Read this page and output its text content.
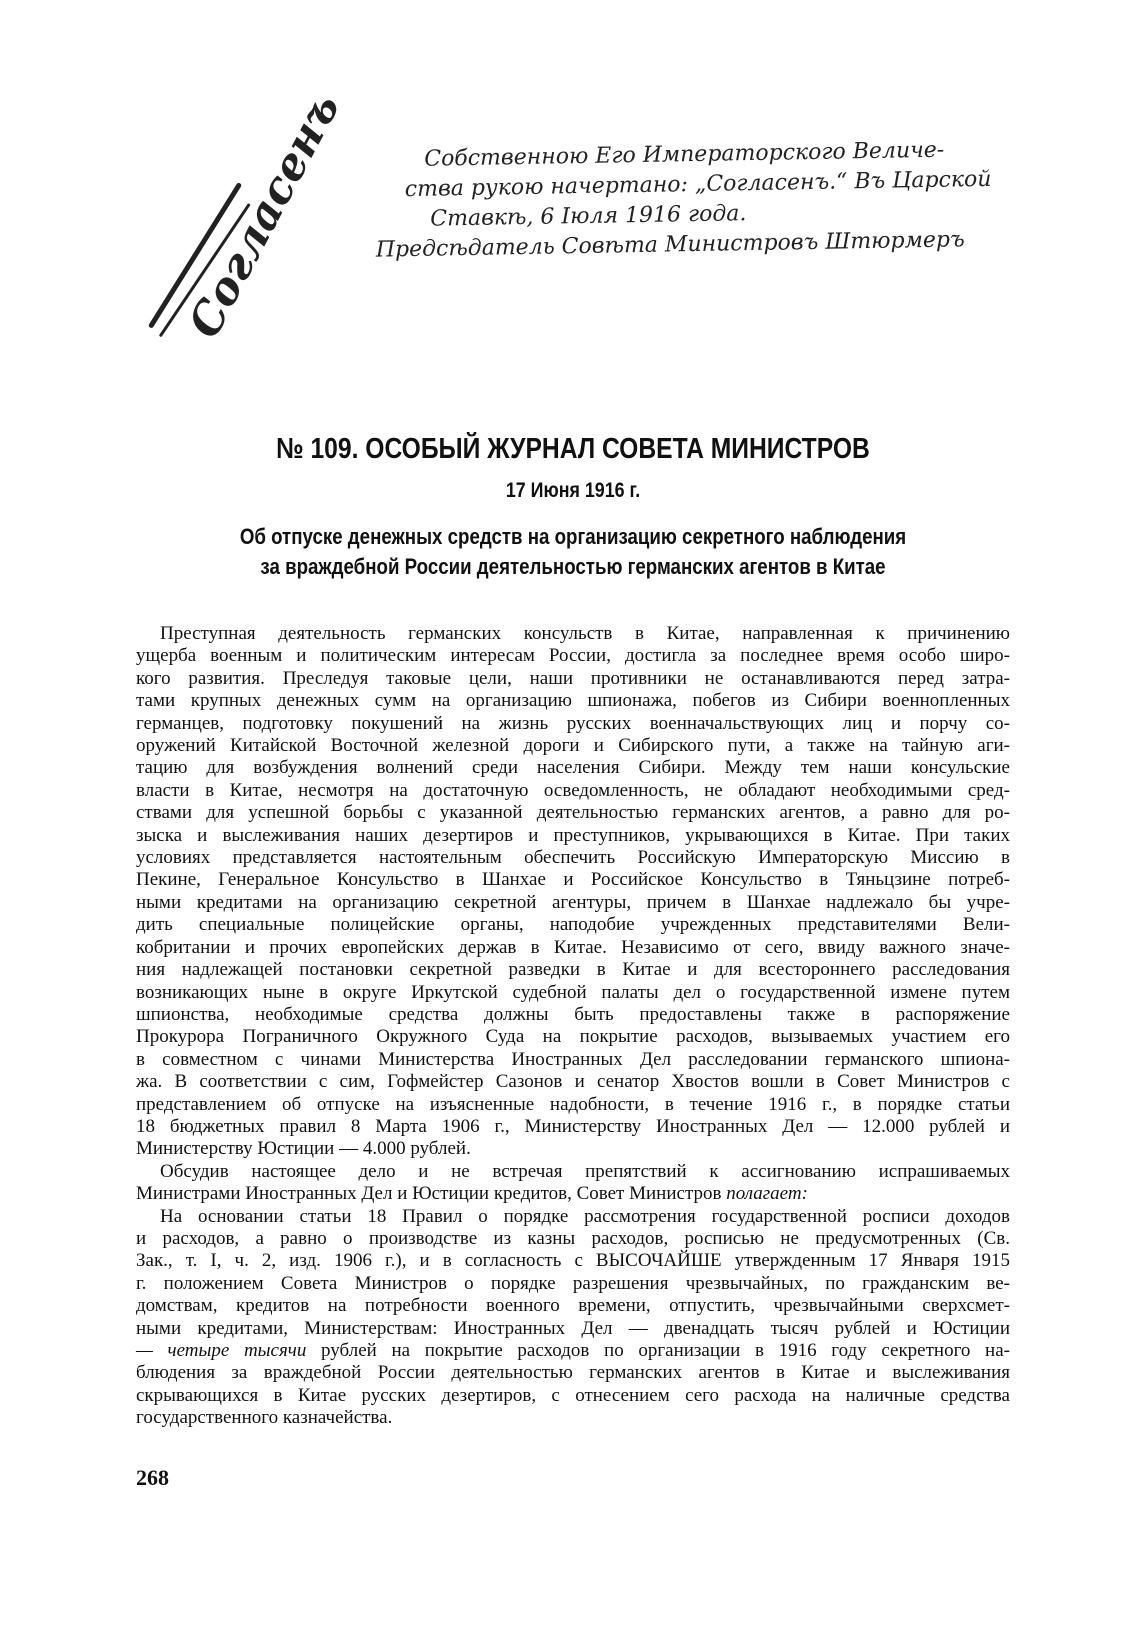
Согласенъ	Собственною Его Императорского Величе-
ства рукою начертано: „Согласенъ.“ Въ Царской
Ставкѣ, 6 Іюля 1916 года.
Предсѣдатель Совѣта Министровъ Штюрмеръ
№ 109. ОСОБЫЙ ЖУРНАЛ СОВЕТА МИНИСТРОВ
17 Июня 1916 г.
Об отпуске денежных средств на организацию секретного наблюдения
за враждебной России деятельностью германских агентов в Китае
Преступная деятельность германских консульств в Китае, направленная к причинению
ущерба военным и политическим интересам России, достигла за последнее время особо широ-
кого развития. Преследуя таковые цели, наши противники не останавливаются перед затра-
тами крупных денежных сумм на организацию шпионажа, побегов из Сибири военнопленных
германцев, подготовку покушений на жизнь русских военначальствующих лиц и порчу со-
оружений Китайской Восточной железной дороги и Сибирского пути, а также на тайную аги-
тацию для возбуждения волнений среди населения Сибири. Между тем наши консульские
власти в Китае, несмотря на достаточную осведомленность, не обладают необходимыми сред-
ствами для успешной борьбы с указанной деятельностью германских агентов, а равно для ро-
зыска и выслеживания наших дезертиров и преступников, укрывающихся в Китае. При таких
условиях представляется настоятельным обеспечить Российскую Императорскую Миссию в
Пекине, Генеральное Консульство в Шанхае и Российское Консульство в Тяньцзине потреб-
ными кредитами на организацию секретной агентуры, причем в Шанхае надлежало бы учре-
дить специальные полицейские органы, наподобие учрежденных представителями Вели-
кобритании и прочих европейских держав в Китае. Независимо от сего, ввиду важного значе-
ния надлежащей постановки секретной разведки в Китае и для всестороннего расследования
возникающих ныне в округе Иркутской судебной палаты дел о государственной измене путем
шпионства, необходимые средства должны быть предоставлены также в распоряжение
Прокурора Пограничного Окружного Суда на покрытие расходов, вызываемых участием его
в совместном с чинами Министерства Иностранных Дел расследовании германского шпиона-
жа. В соответствии с сим, Гофмейстер Сазонов и сенатор Хвостов вошли в Совет Министров с
представлением об отпуске на изъясненные надобности, в течение 1916 г., в порядке статьи
18 бюджетных правил 8 Марта 1906 г., Министерству Иностранных Дел — 12.000 рублей и
Министерству Юстиции — 4.000 рублей.
Обсудив настоящее дело и не встречая препятствий к ассигнованию испрашиваемых
Министрами Иностранных Дел и Юстиции кредитов, Совет Министров полагает:
На основании статьи 18 Правил о порядке рассмотрения государственной росписи доходов
и расходов, а равно о производстве из казны расходов, росписью не предусмотренных (Св.
Зак., т. I, ч. 2, изд. 1906 г.), и в согласность с ВЫСОЧАЙШЕ утвержденным 17 Января 1915
г. положением Совета Министров о порядке разрешения чрезвычайных, по гражданским ве-
домствам, кредитов на потребности военного времени, отпустить, чрезвычайными сверхсмет-
ными кредитами, Министерствам: Иностранных Дел — двенадцать тысяч рублей и Юстиции
— четыре тысячи рублей на покрытие расходов по организации в 1916 году секретного на-
блюдения за враждебной России деятельностью германских агентов в Китае и выслеживания
скрывающихся в Китае русских дезертиров, с отнесением сего расхода на наличные средства
государственного казначейства.
268
